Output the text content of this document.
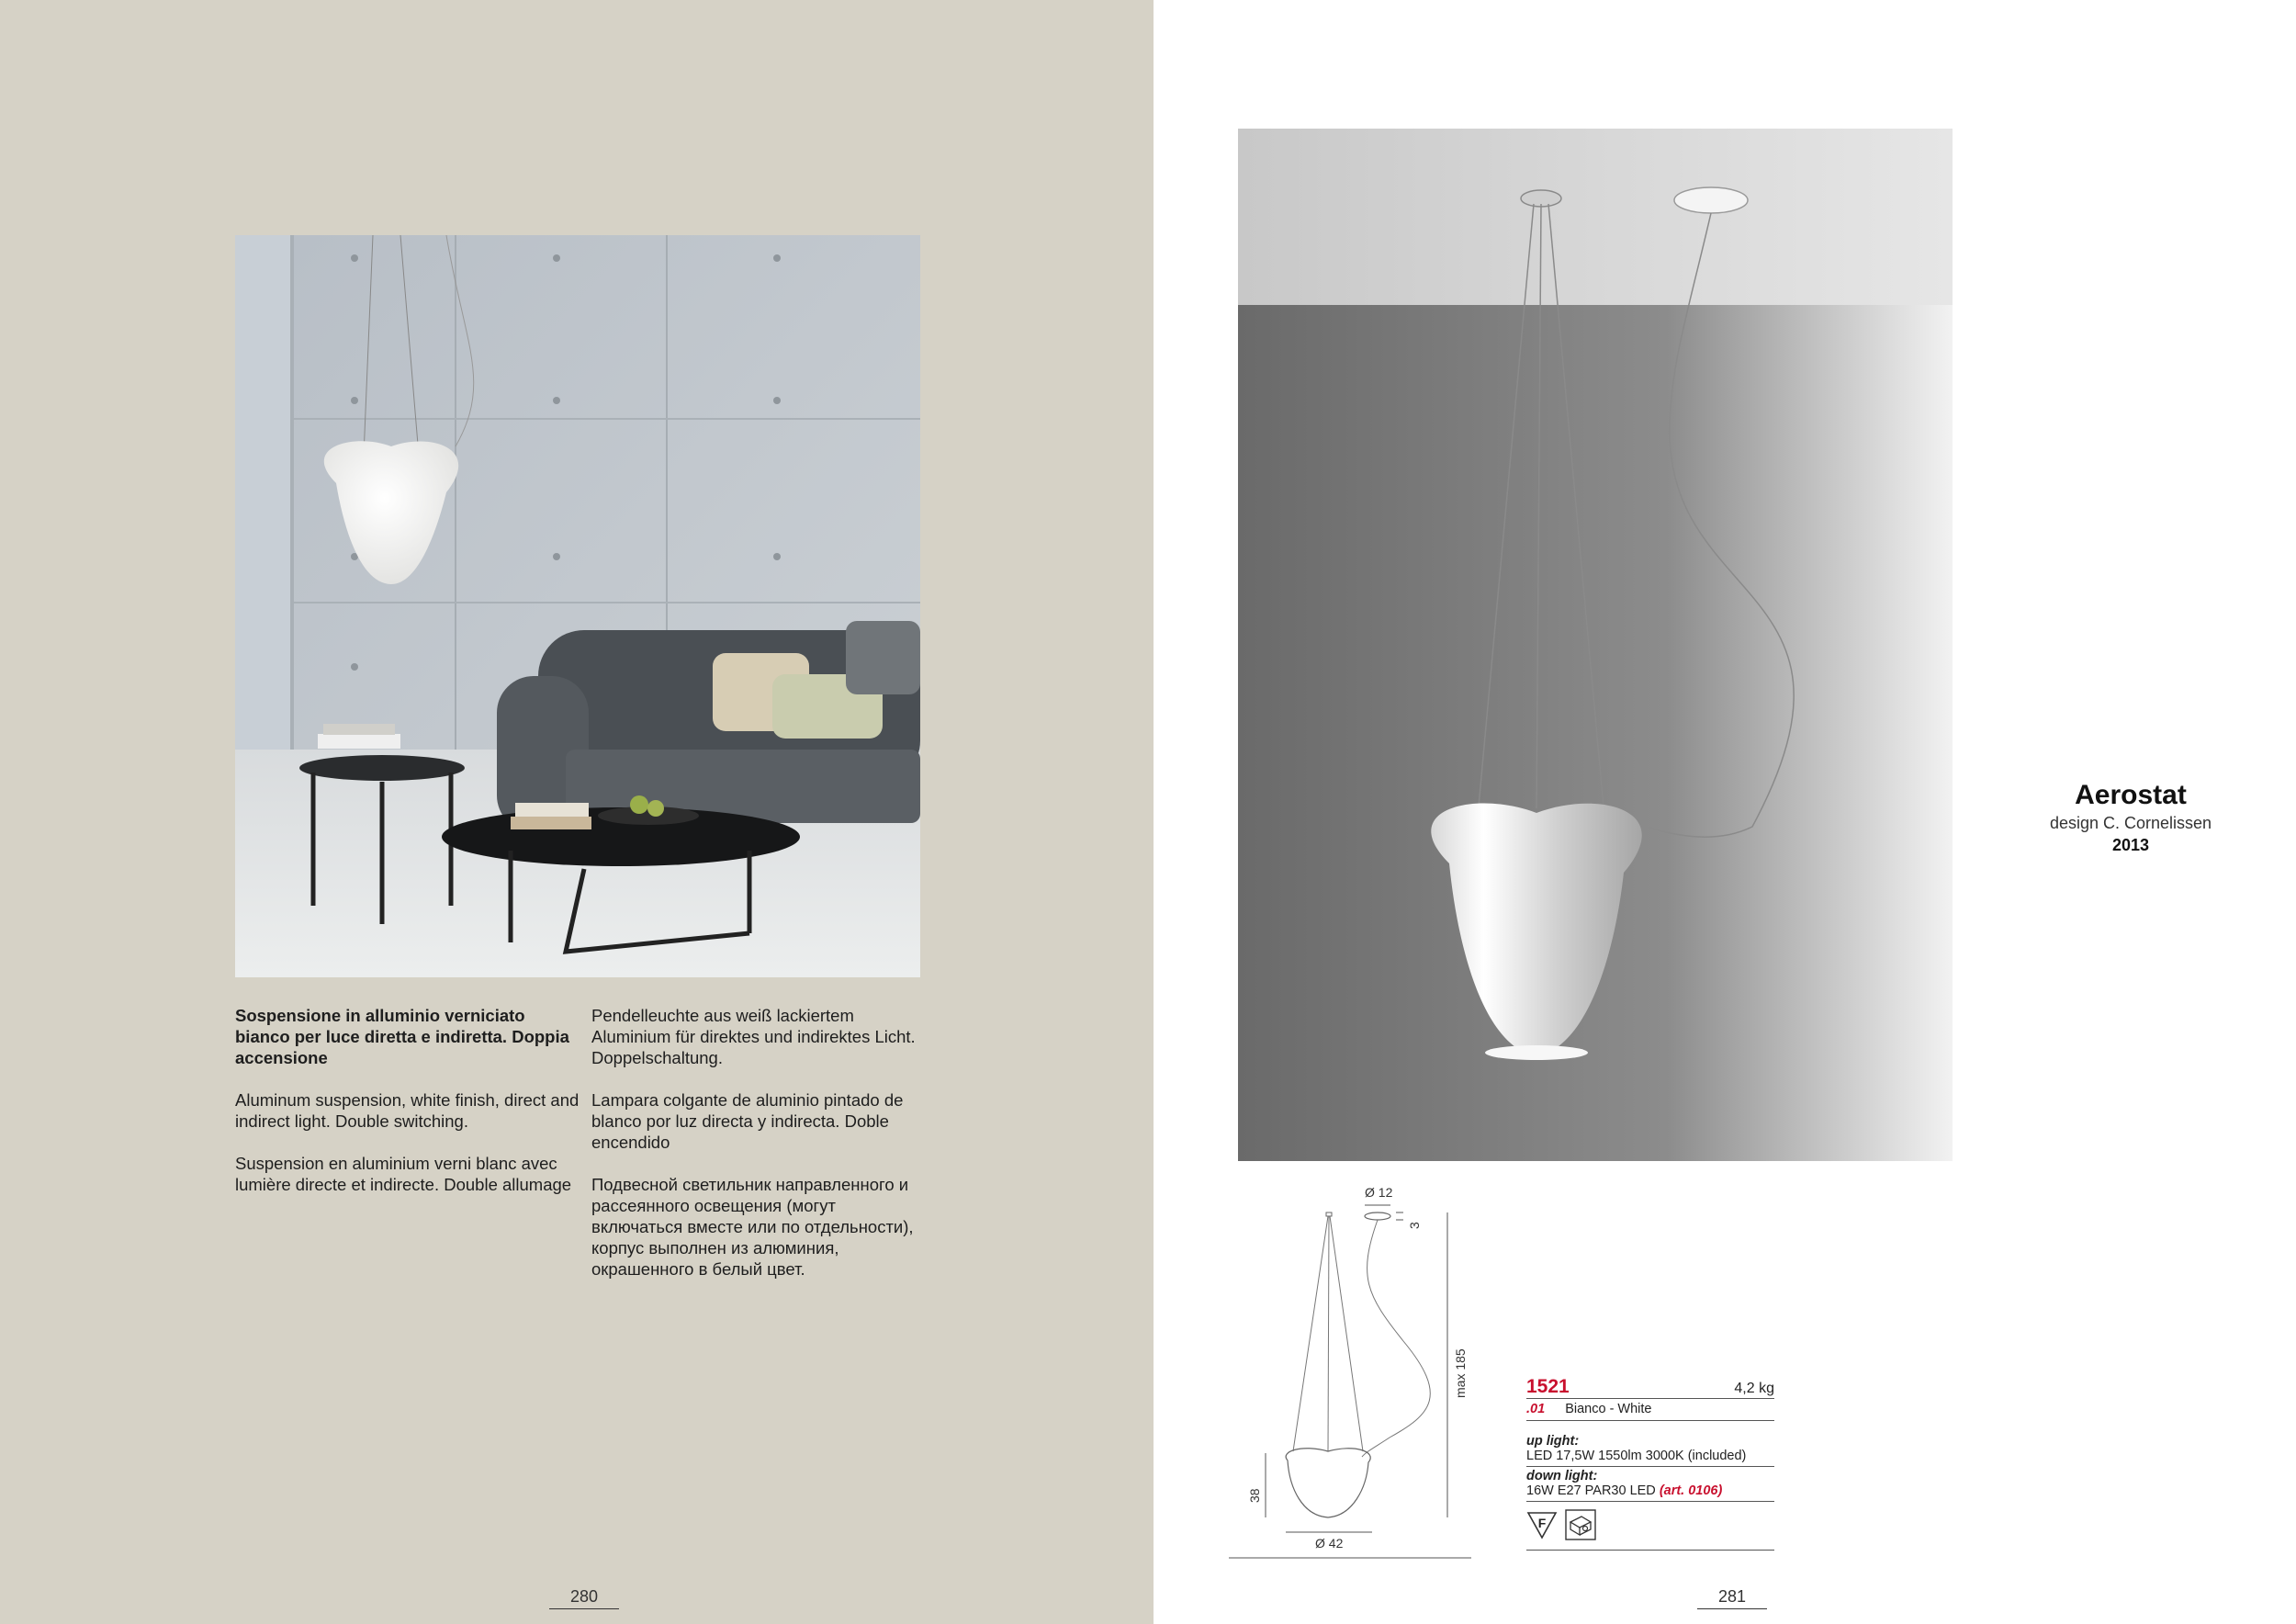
Sospensione in alluminio verniciato bianco per luce diretta e indiretta. Doppia accensione

Aluminum suspension, white finish, direct and indirect light. Double switching.

Suspension en aluminium verni blanc avec lumière directe et indirecte. Double allumage

Pendelleuchte aus weiß lackiertem Aluminium für direktes und indirektes Licht. Doppelschaltung.

Lampara colgante de aluminio pintado de blanco por luz directa y indirecta. Doble encendido

Подвесной светильник направленного и рассеянного освещения (могут включаться вместе или по отдельности), корпус выполнен из алюминия, окрашенного в белый цвет.

280
Aerostat
design C. Cornelissen
2013
Ø 12
3
max 185
38
Ø 42
1521	4,2 kg
.01 Bianco - White
up light:
LED 17,5W 1550lm 3000K (included)
down light:
16W E27 PAR30 LED (art. 0106)
F
281
